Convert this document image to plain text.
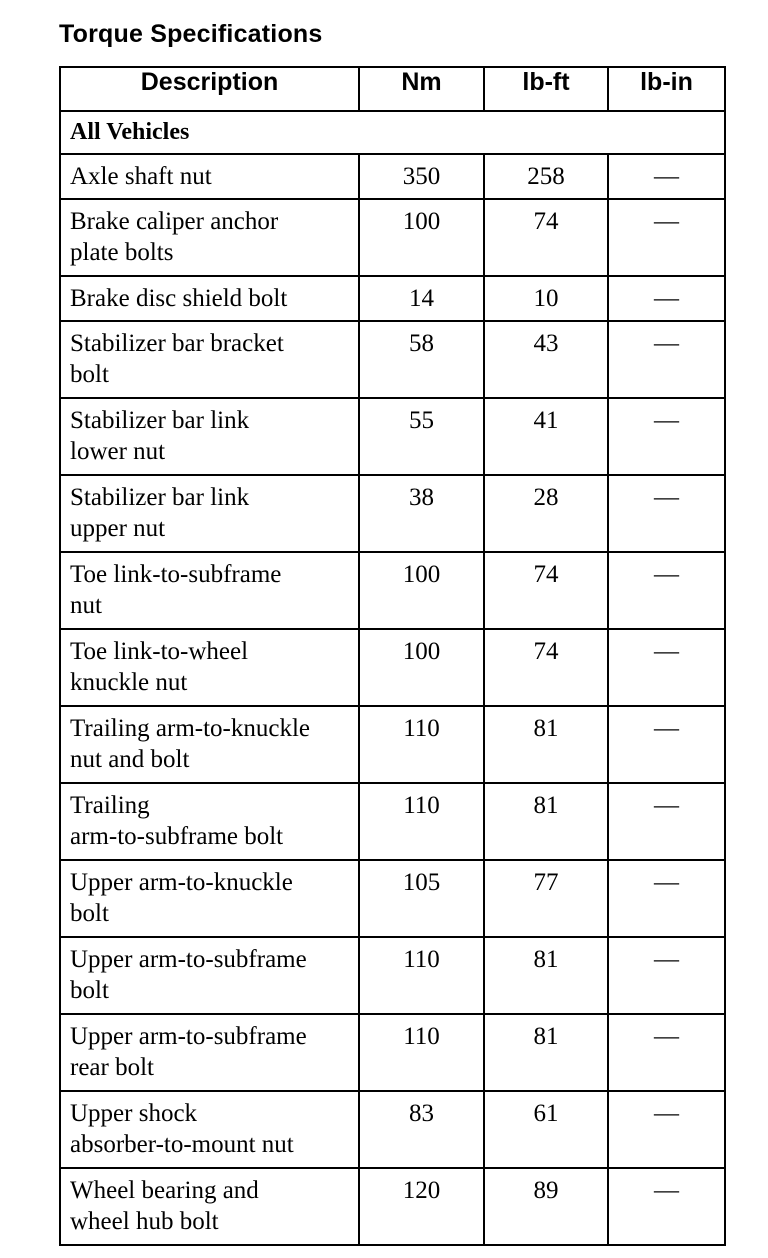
Torque Specifications
Description	Nm	lb-ft	lb-in
All Vehicles			

Axle shaft nut	350	258	—

Brake caliper anchor
plate bolts	100	74	—

Brake disc shield bolt	14	10	—

Stabilizer bar bracket
bolt	58	43	—

Stabilizer bar link
lower nut	55	41	—

Stabilizer bar link
upper nut	38	28	—

Toe link-to-subframe
nut	100	74	—

Toe link-to-wheel
knuckle nut	100	74	—

Trailing arm-to-knuckle
nut and bolt	110	81	—

Trailing
arm-to-subframe bolt	110	81	—

Upper arm-to-knuckle
bolt	105	77	—

Upper arm-to-subframe
bolt	110	81	—

Upper arm-to-subframe
rear bolt	110	81	—

Upper shock
absorber-to-mount nut	83	61	—

Wheel bearing and
wheel hub bolt	120	89	—
